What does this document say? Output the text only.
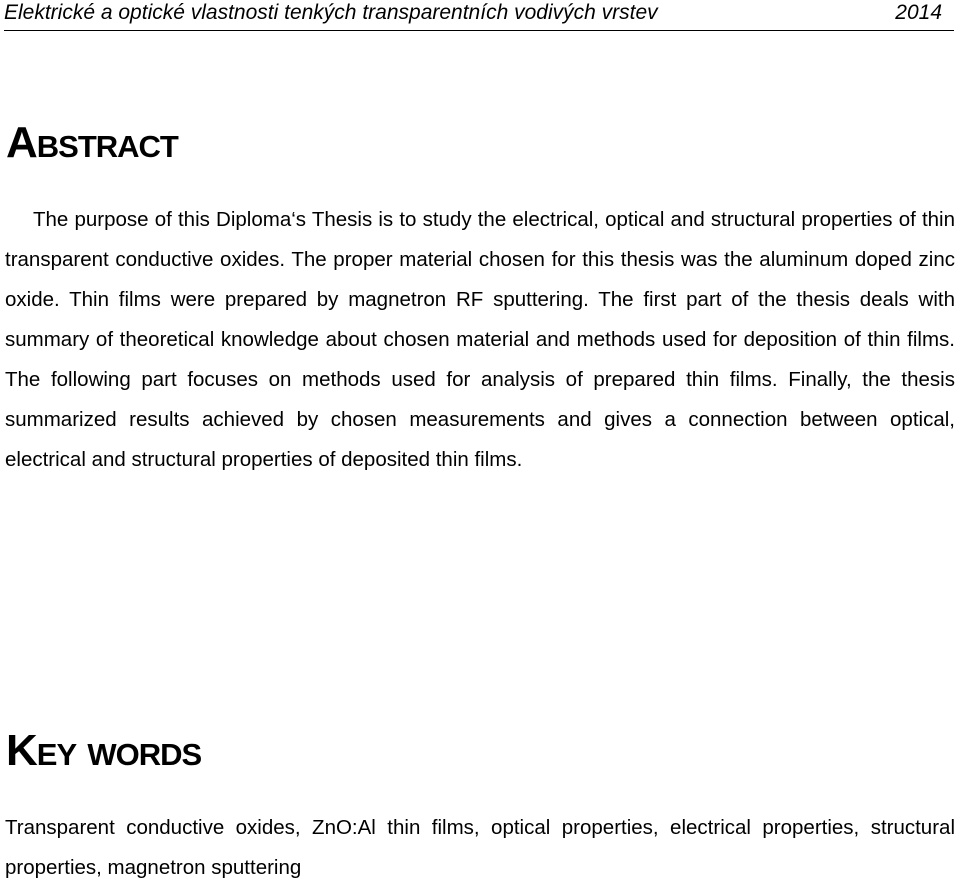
Elektrické a optické vlastnosti tenkých transparentních vodivých vrstev	2014
Abstract

The purpose of this Diploma‘s Thesis is to study the electrical, optical and structural properties of thin transparent conductive oxides. The proper material chosen for this thesis was the aluminum doped zinc oxide. Thin films were prepared by magnetron RF sputtering. The first part of the thesis deals with summary of theoretical knowledge about chosen material and methods used for deposition of thin films. The following part focuses on methods used for analysis of prepared thin films. Finally, the thesis summarized results achieved by chosen measurements and gives a connection between optical, electrical and structural properties of deposited thin films.

Key words

Transparent conductive oxides, ZnO:Al thin films, optical properties, electrical properties, structural properties, magnetron sputtering
